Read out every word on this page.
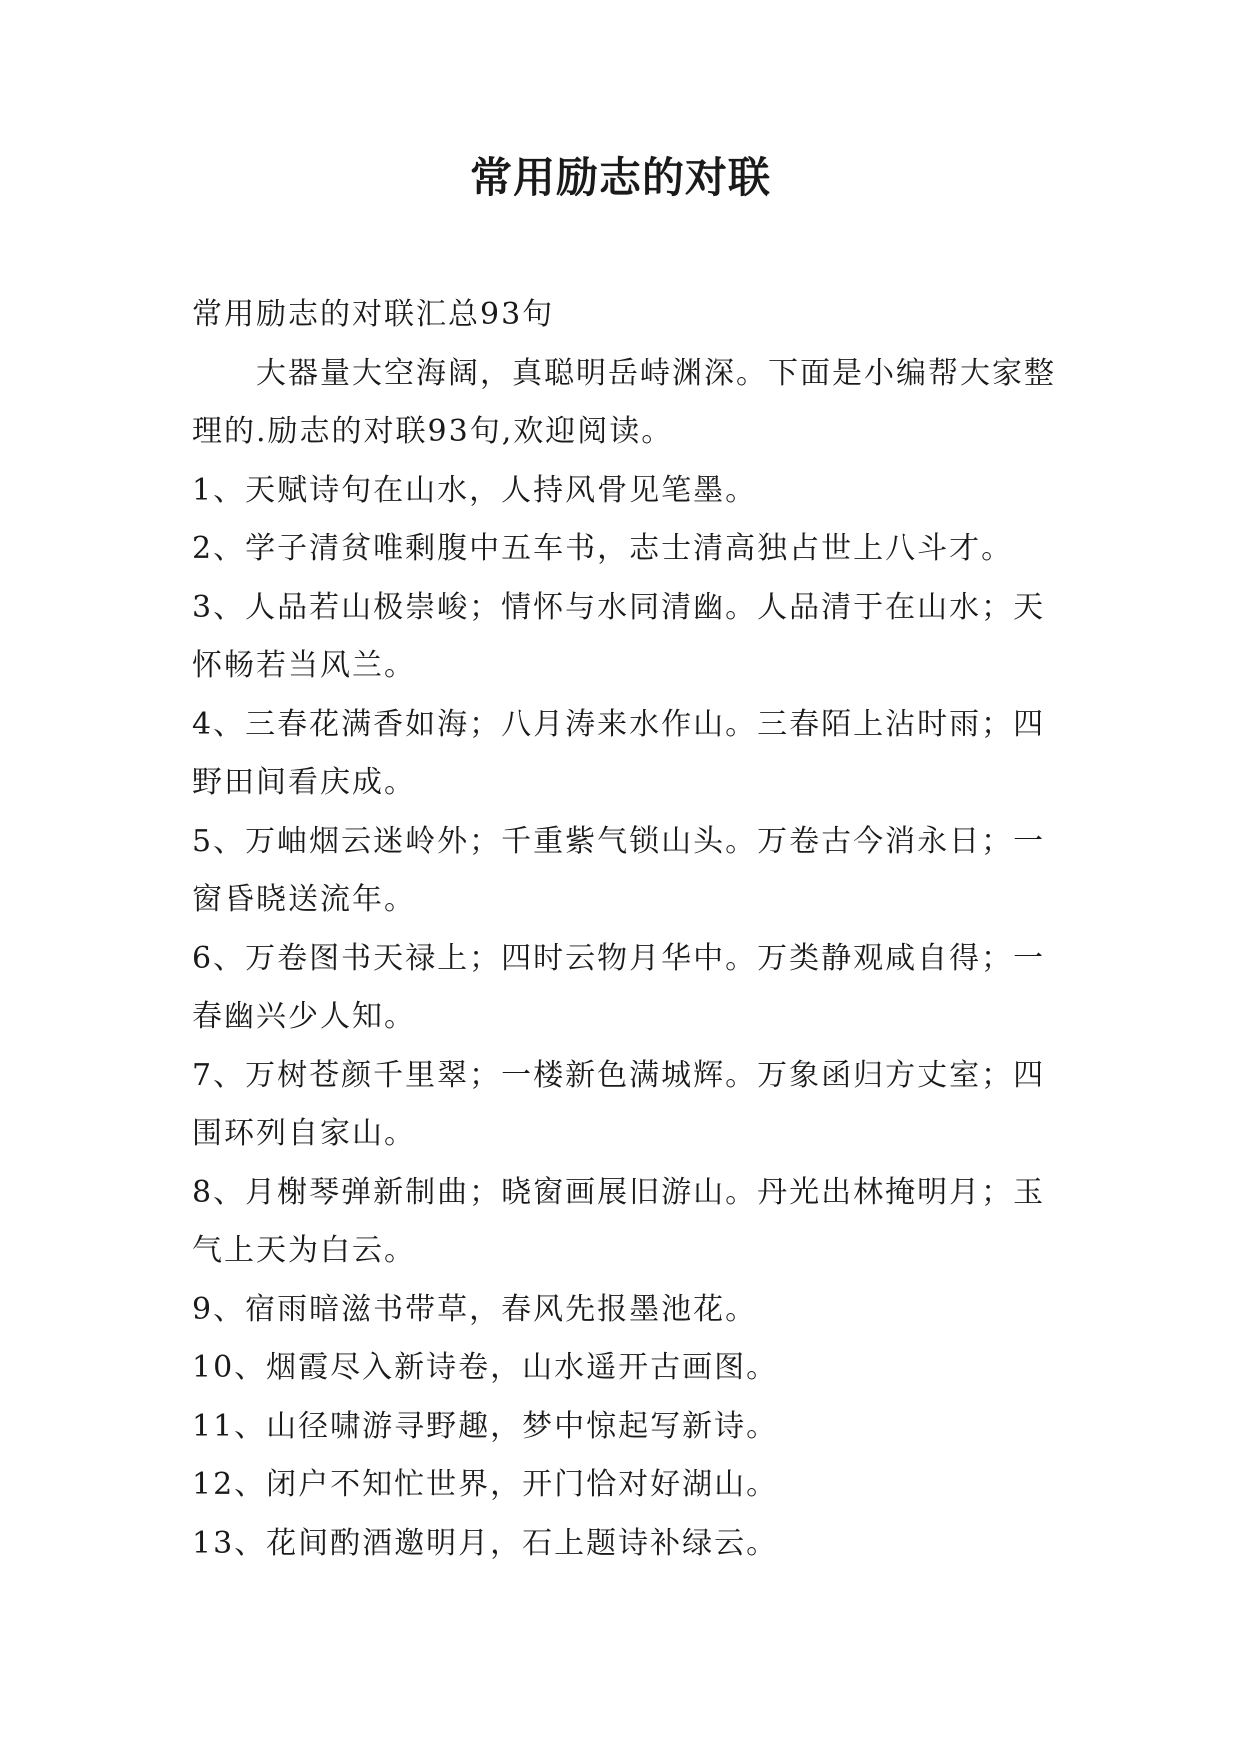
常用励志的对联

常用励志的对联汇总93句

大器量大空海阔，真聪明岳峙渊深。下面是小编帮大家整理的.励志的对联93句,欢迎阅读。

1、天赋诗句在山水，人持风骨见笔墨。

2、学子清贫唯剩腹中五车书，志士清高独占世上八斗才。

3、人品若山极崇峻；情怀与水同清幽。人品清于在山水；天怀畅若当风兰。

4、三春花满香如海；八月涛来水作山。三春陌上沾时雨；四野田间看庆成。

5、万岫烟云迷岭外；千重紫气锁山头。万卷古今消永日；一窗昏晓送流年。

6、万卷图书天禄上；四时云物月华中。万类静观咸自得；一春幽兴少人知。

7、万树苍颜千里翠；一楼新色满城辉。万象函归方丈室；四围环列自家山。

8、月榭琴弹新制曲；晓窗画展旧游山。丹光出林掩明月；玉气上天为白云。

9、宿雨暗滋书带草，春风先报墨池花。

10、烟霞尽入新诗卷，山水遥开古画图。

11、山径啸游寻野趣，梦中惊起写新诗。

12、闭户不知忙世界，开门恰对好湖山。

13、花间酌酒邀明月，石上题诗补绿云。
